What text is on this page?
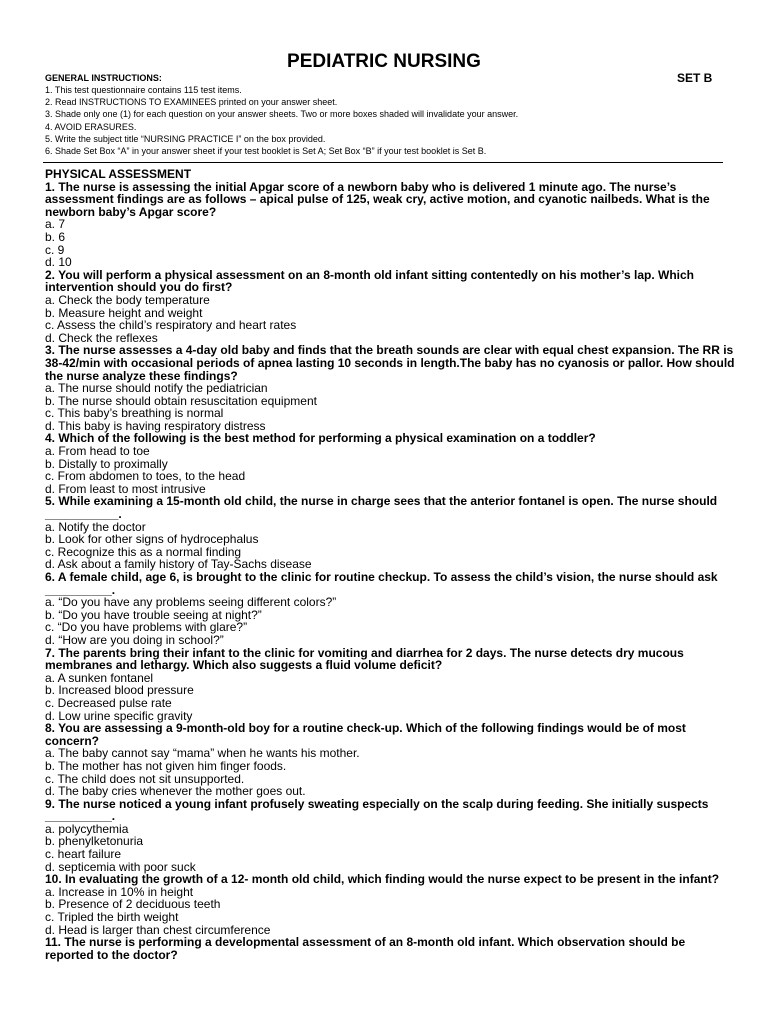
PEDIATRIC NURSING
GENERAL INSTRUCTIONS:	SET B
1. This test questionnaire contains 115 test items.
2. Read INSTRUCTIONS TO EXAMINEES printed on your answer sheet.
3. Shade only one (1) for each question on your answer sheets. Two or more boxes shaded will invalidate your answer.
4. AVOID ERASURES.
5. Write the subject title “NURSING PRACTICE I” on the box provided.
6. Shade Set Box “A” in your answer sheet if your test booklet is Set A; Set Box “B” if your test booklet is Set B.
PHYSICAL ASSESSMENT
1. The nurse is assessing the initial Apgar score of a newborn baby who is delivered 1 minute ago. The nurse’s assessment findings are as follows – apical pulse of 125, weak cry, active motion, and cyanotic nailbeds. What is the newborn baby’s Apgar score?
a. 7
b. 6
c. 9
d. 10
2. You will perform a physical assessment on an 8-month old infant sitting contentedly on his mother’s lap. Which intervention should you do first?
a. Check the body temperature
b. Measure height and weight
c. Assess the child’s respiratory and heart rates
d. Check the reflexes
3. The nurse assesses a 4-day old baby and finds that the breath sounds are clear with equal chest expansion. The RR is 38-42/min with occasional periods of apnea lasting 10 seconds in length.The baby has no cyanosis or pallor. How should the nurse analyze these findings?
a. The nurse should notify the pediatrician
b. The nurse should obtain resuscitation equipment
c. This baby’s breathing is normal
d. This baby is having respiratory distress
4. Which of the following is the best method for performing a physical examination on a toddler?
a. From head to toe
b. Distally to proximally
c. From abdomen to toes, to the head
d. From least to most intrusive
5. While examining a 15-month old child, the nurse in charge sees that the anterior fontanel is open. The nurse should ___________.
a. Notify the doctor
b. Look for other signs of hydrocephalus
c. Recognize this as a normal finding
d. Ask about a family history of Tay-Sachs disease
6. A female child, age 6, is brought to the clinic for routine checkup. To assess the child’s vision, the nurse should ask __________.
a. “Do you have any problems seeing different colors?”
b. “Do you have trouble seeing at night?”
c. “Do you have problems with glare?”
d. “How are you doing in school?”
7. The parents bring their infant to the clinic for vomiting and diarrhea for 2 days. The nurse detects dry mucous membranes and lethargy. Which also suggests a fluid volume deficit?
a. A sunken fontanel
b. Increased blood pressure
c. Decreased pulse rate
d. Low urine specific gravity
8. You are assessing a 9-month-old boy for a routine check-up. Which of the following findings would be of most concern?
a. The baby cannot say “mama” when he wants his mother.
b. The mother has not given him finger foods.
c. The child does not sit unsupported.
d. The baby cries whenever the mother goes out.
9. The nurse noticed a young infant profusely sweating especially on the scalp during feeding. She initially suspects __________.
a. polycythemia
b. phenylketonuria
c. heart failure
d. septicemia with poor suck
10. In evaluating the growth of a 12- month old child, which finding would the nurse expect to be present in the infant?
a. Increase in 10% in height
b. Presence of 2 deciduous teeth
c. Tripled the birth weight
d. Head is larger than chest circumference
11. The nurse is performing a developmental assessment of an 8-month old infant. Which observation should be reported to the doctor?
